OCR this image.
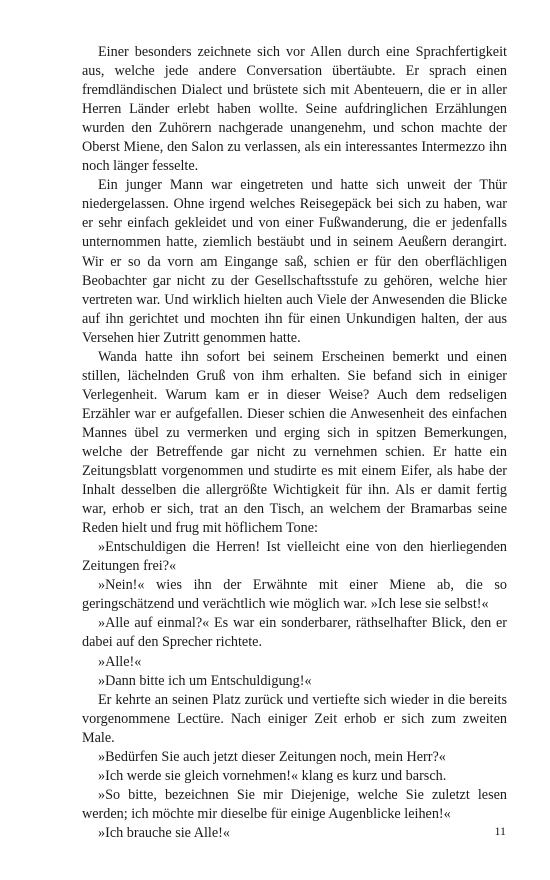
Einer besonders zeichnete sich vor Allen durch eine Sprachfertigkeit aus, welche jede andere Conversation übertäubte. Er sprach einen fremdländischen Dialect und brüstete sich mit Abenteuern, die er in aller Herren Länder erlebt haben wollte. Seine aufdringlichen Erzählungen wurden den Zuhörern nachgerade unangenehm, und schon machte der Oberst Miene, den Salon zu verlassen, als ein interessantes Intermezzo ihn noch länger fesselte.

Ein junger Mann war eingetreten und hatte sich unweit der Thür niedergelassen. Ohne irgend welches Reisegepäck bei sich zu haben, war er sehr einfach gekleidet und von einer Fußwanderung, die er jedenfalls unternommen hatte, ziemlich bestäubt und in seinem Aeußern derangirt. Wir er so da vorn am Eingange saß, schien er für den oberflächligen Beobachter gar nicht zu der Gesellschaftsstufe zu gehören, welche hier vertreten war. Und wirklich hielten auch Viele der Anwesenden die Blicke auf ihn gerichtet und mochten ihn für einen Unkundigen halten, der aus Versehen hier Zutritt genommen hatte.

Wanda hatte ihn sofort bei seinem Erscheinen bemerkt und einen stillen, lächelnden Gruß von ihm erhalten. Sie befand sich in einiger Verlegenheit. Warum kam er in dieser Weise? Auch dem redseligen Erzähler war er aufgefallen. Dieser schien die Anwesenheit des einfachen Mannes übel zu vermerken und erging sich in spitzen Bemerkungen, welche der Betreffende gar nicht zu vernehmen schien. Er hatte ein Zeitungsblatt vorgenommen und studirte es mit einem Eifer, als habe der Inhalt desselben die allergrößte Wichtigkeit für ihn. Als er damit fertig war, erhob er sich, trat an den Tisch, an welchem der Bramarbas seine Reden hielt und frug mit höflichem Tone:

»Entschuldigen die Herren! Ist vielleicht eine von den hierliegenden Zeitungen frei?«

»Nein!« wies ihn der Erwähnte mit einer Miene ab, die so geringschätzend und verächtlich wie möglich war. »Ich lese sie selbst!«

»Alle auf einmal?« Es war ein sonderbarer, räthselhafter Blick, den er dabei auf den Sprecher richtete.

»Alle!«

»Dann bitte ich um Entschuldigung!«

Er kehrte an seinen Platz zurück und vertiefte sich wieder in die bereits vorgenommene Lectüre. Nach einiger Zeit erhob er sich zum zweiten Male.

»Bedürfen Sie auch jetzt dieser Zeitungen noch, mein Herr?«

»Ich werde sie gleich vornehmen!« klang es kurz und barsch.

»So bitte, bezeichnen Sie mir Diejenige, welche Sie zuletzt lesen werden; ich möchte mir dieselbe für einige Augenblicke leihen!«

»Ich brauche sie Alle!«	11
